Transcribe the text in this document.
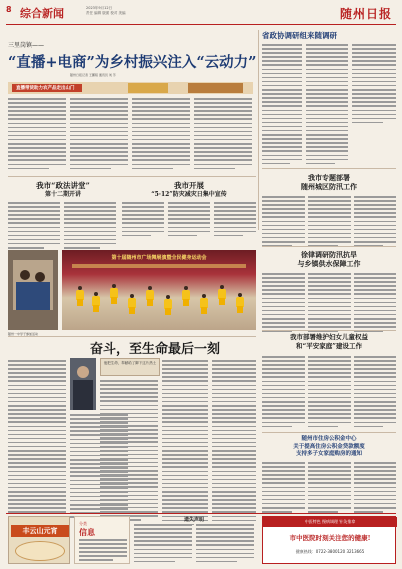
8 综合新闻	2023年9月12日
责任 编辑 版面 校对 美编	随州日报
三里岗镇——
“直播+电商”为乡村振兴注入“云动力”
随州日报记者 王鹏程 通讯员 刘 芳
直播带货助力农产品走出山门
省政协调研组来随调研
我市“政法讲堂”
第十二期开讲
我市开展
“5·12”防灾减灾日集中宣传
随州一中学子参加活动
第十届随州市广场舞展演暨全民健身运动会
我市专题部署
随州城区防汛工作
徐律调研防汛抗旱
与乡镇供水保障工作
奋斗，至生命最后一刻
他把生命，奉献给了脚下这片热土
我市部署维护妇女儿童权益
和“平安家庭”建设工作
随州市住房公积金中心
关于提高住房公积金贷款额度
支持多子女家庭购房的通知
丰云山元宵
分类
信息
遗失声明	中医特色 慢病调理 针灸推拿
市中医院时刻关注您的健康!
健康热线：0722-3800120 3213665
